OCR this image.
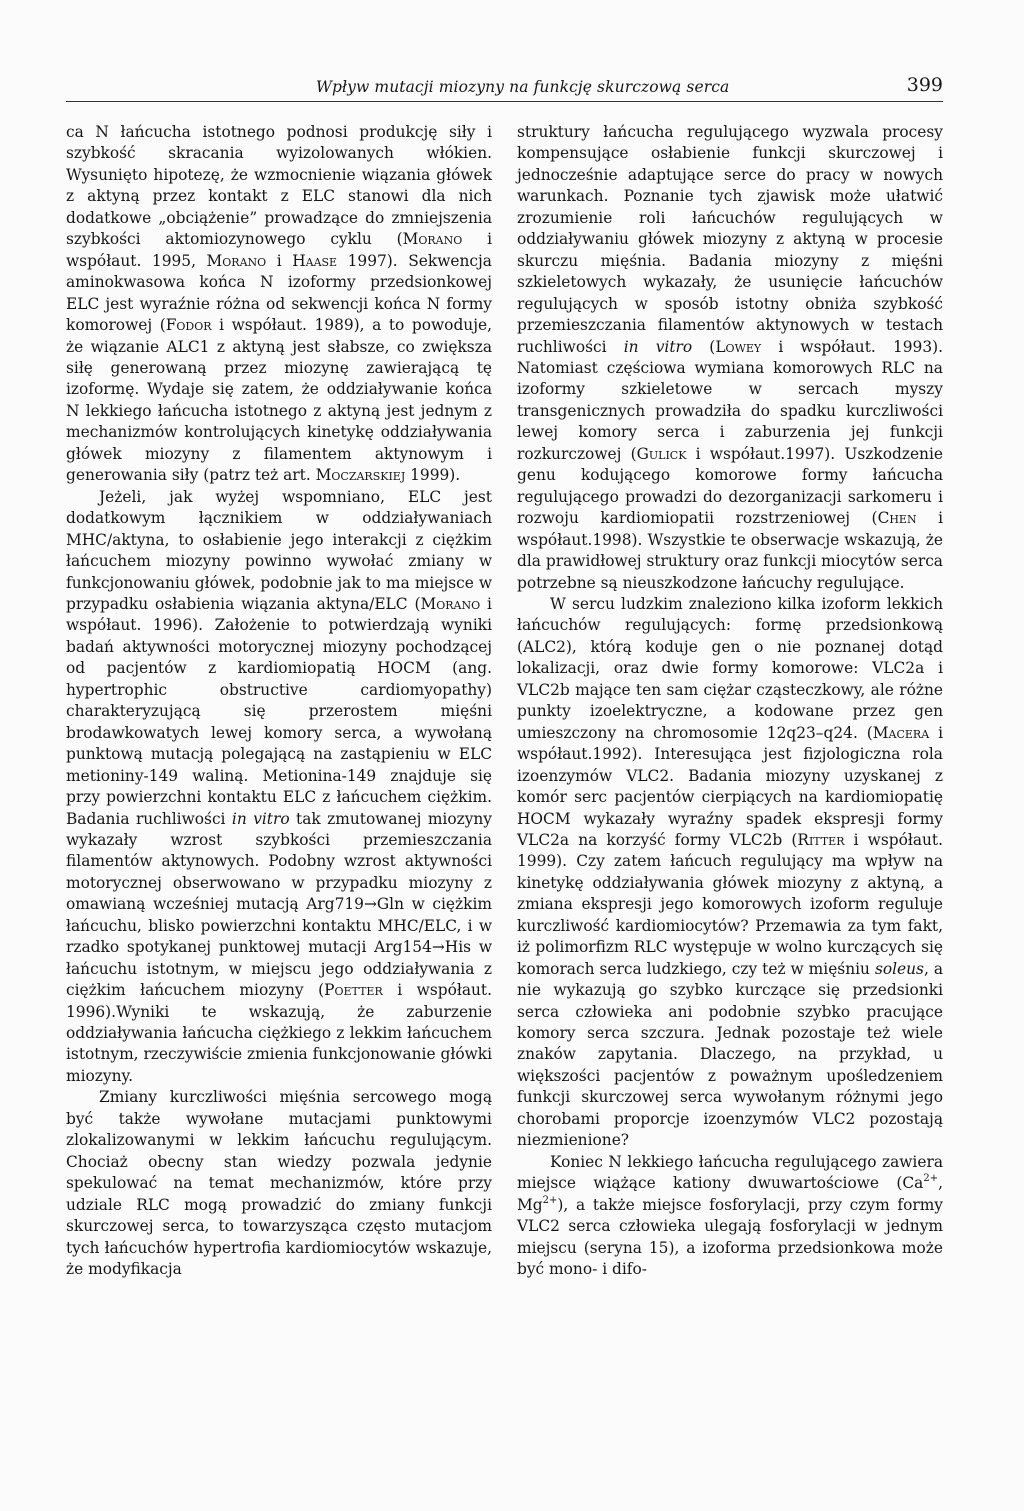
Wpływ mutacji miozyny na funkcję skurczową serca	399

ca N łańcucha istotnego podnosi produkcję siły i szybkość skracania wyizolowanych włókien. Wysunięto hipotezę, że wzmocnienie wiązania główek z aktyną przez kontakt z ELC stanowi dla nich dodatkowe „obciążenie” prowadzące do zmniejszenia szybkości aktomiozynowego cyklu (Morano i współaut. 1995, Morano i Haase 1997). Sekwencja aminokwasowa końca N izoformy przedsionkowej ELC jest wyraźnie różna od sekwencji końca N formy komorowej (Fodor i współaut. 1989), a to powoduje, że wiązanie ALC1 z aktyną jest słabsze, co zwiększa siłę generowaną przez miozynę zawierającą tę izoformę. Wydaje się zatem, że oddziaływanie końca N lekkiego łańcucha istotnego z aktyną jest jednym z mechanizmów kontrolujących kinetykę oddziaływania główek miozyny z filamentem aktynowym i generowania siły (patrz też art. Moczarskiej 1999).

Jeżeli, jak wyżej wspomniano, ELC jest dodatkowym łącznikiem w oddziaływaniach MHC/aktyna, to osłabienie jego interakcji z ciężkim łańcuchem miozyny powinno wywołać zmiany w funkcjonowaniu główek, podobnie jak to ma miejsce w przypadku osłabienia wiązania aktyna/ELC (Morano i współaut. 1996). Założenie to potwierdzają wyniki badań aktywności motorycznej miozyny pochodzącej od pacjentów z kardiomiopatią HOCM (ang. hypertrophic obstructive cardiomyopathy) charakteryzującą się przerostem mięśni brodawkowatych lewej komory serca, a wywołaną punktową mutacją polegającą na zastąpieniu w ELC metioniny-149 waliną. Metionina-149 znajduje się przy powierzchni kontaktu ELC z łańcuchem ciężkim. Badania ruchliwości in vitro tak zmutowanej miozyny wykazały wzrost szybkości przemieszczania filamentów aktynowych. Podobny wzrost aktywności motorycznej obserwowano w przypadku miozyny z omawianą wcześniej mutacją Arg719→Gln w ciężkim łańcuchu, blisko powierzchni kontaktu MHC/ELC, i w rzadko spotykanej punktowej mutacji Arg154→His w łańcuchu istotnym, w miejscu jego oddziaływania z ciężkim łańcuchem miozyny (Poetter i współaut. 1996).Wyniki te wskazują, że zaburzenie oddziaływania łańcucha ciężkiego z lekkim łańcuchem istotnym, rzeczywiście zmienia funkcjonowanie główki miozyny.

Zmiany kurczliwości mięśnia sercowego mogą być także wywołane mutacjami punktowymi zlokalizowanymi w lekkim łańcuchu regulującym. Chociaż obecny stan wiedzy pozwala jedynie spekulować na temat mechanizmów, które przy udziale RLC mogą prowadzić do zmiany funkcji skurczowej serca, to towarzysząca często mutacjom tych łańcuchów hypertrofia kardiomiocytów wskazuje, że modyfikacja

struktury łańcucha regulującego wyzwala procesy kompensujące osłabienie funkcji skurczowej i jednocześnie adaptujące serce do pracy w nowych warunkach. Poznanie tych zjawisk może ułatwić zrozumienie roli łańcuchów regulujących w oddziaływaniu główek miozyny z aktyną w procesie skurczu mięśnia. Badania miozyny z mięśni szkieletowych wykazały, że usunięcie łańcuchów regulujących w sposób istotny obniża szybkość przemieszczania filamentów aktynowych w testach ruchliwości in vitro (Lowey i współaut. 1993). Natomiast częściowa wymiana komorowych RLC na izoformy szkieletowe w sercach myszy transgenicznych prowadziła do spadku kurczliwości lewej komory serca i zaburzenia jej funkcji rozkurczowej (Gulick i współaut.1997). Uszkodzenie genu kodującego komorowe formy łańcucha regulującego prowadzi do dezorganizacji sarkomeru i rozwoju kardiomiopatii rozstrzeniowej (Chen i współaut.1998). Wszystkie te obserwacje wskazują, że dla prawidłowej struktury oraz funkcji miocytów serca potrzebne są nieuszkodzone łańcuchy regulujące.

W sercu ludzkim znaleziono kilka izoform lekkich łańcuchów regulujących: formę przedsionkową (ALC2), którą koduje gen o nie poznanej dotąd lokalizacji, oraz dwie formy komorowe: VLC2a i VLC2b mające ten sam ciężar cząsteczkowy, ale różne punkty izoelektryczne, a kodowane przez gen umieszczony na chromosomie 12q23–q24. (Macera i współaut.1992). Interesująca jest fizjologiczna rola izoenzymów VLC2. Badania miozyny uzyskanej z komór serc pacjentów cierpiących na kardiomiopatię HOCM wykazały wyraźny spadek ekspresji formy VLC2a na korzyść formy VLC2b (Ritter i współaut. 1999). Czy zatem łańcuch regulujący ma wpływ na kinetykę oddziaływania główek miozyny z aktyną, a zmiana ekspresji jego komorowych izoform reguluje kurczliwość kardiomiocytów? Przemawia za tym fakt, iż polimorfizm RLC występuje w wolno kurczących się komorach serca ludzkiego, czy też w mięśniu soleus, a nie wykazują go szybko kurczące się przedsionki serca człowieka ani podobnie szybko pracujące komory serca szczura. Jednak pozostaje też wiele znaków zapytania. Dlaczego, na przykład, u większości pacjentów z poważnym upośledzeniem funkcji skurczowej serca wywołanym różnymi jego chorobami proporcje izoenzymów VLC2 pozostają niezmienione?

Koniec N lekkiego łańcucha regulującego zawiera miejsce wiążące kationy dwuwartościowe ($Ca^{2+}$, $Mg^{2+}$), a także miejsce fosforylacji, przy czym formy VLC2 serca człowieka ulegają fosforylacji w jednym miejscu (seryna 15), a izoforma przedsionkowa może być mono- i difo-
